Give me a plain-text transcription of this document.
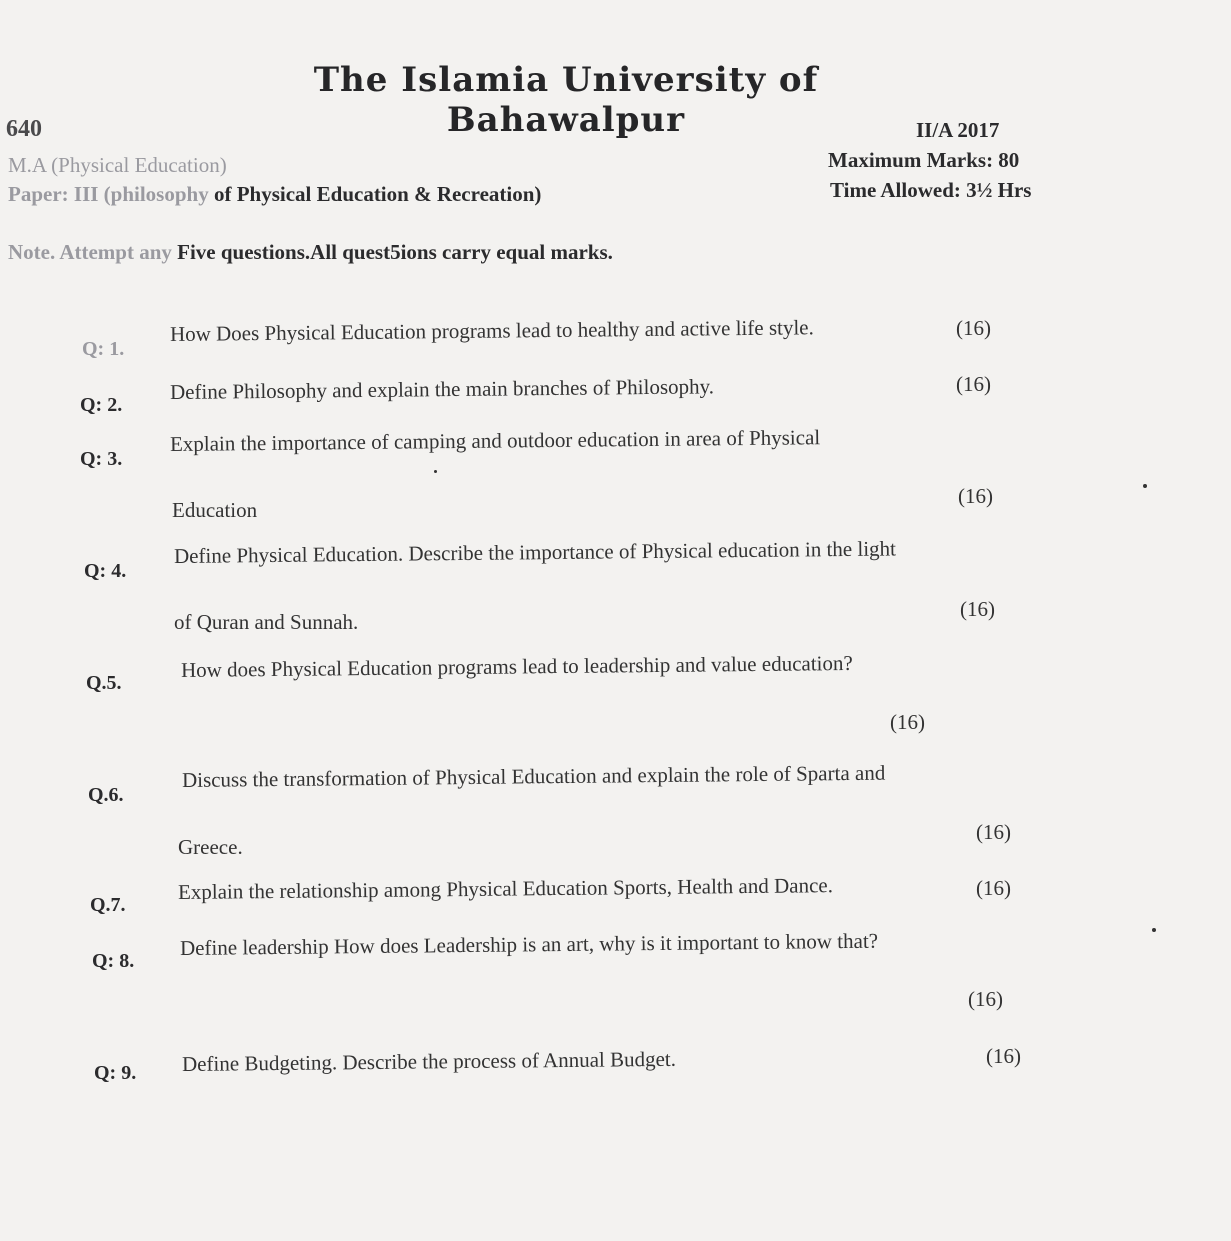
The Islamia University of Bahawalpur
640	II/A 2017
M.A (Physical Education)	Maximum Marks: 80
Paper: III (philosophy of Physical Education & Recreation)	Time Allowed: 3½ Hrs
Note. Attempt any Five questions.All quest5ions carry equal marks.
Q: 1.
How Does Physical Education programs lead to healthy and active life style.	(16)
Q: 2.
Define Philosophy and explain the main branches of Philosophy.	(16)
Q: 3.
Explain the importance of camping and outdoor education in area of Physical
Education
(16)
Q: 4.
Define Physical Education. Describe the importance of Physical education in the light
of Quran and Sunnah.
(16)
Q.5.
How does Physical Education programs lead to leadership and value education?
(16)
Q.6.
Discuss the transformation of Physical Education and explain the role of Sparta and
Greece.
(16)
Q.7.
Explain the relationship among Physical Education Sports, Health and Dance.	(16)
Q: 8.
Define leadership How does Leadership is an art, why is it important to know that?
(16)
Q: 9. Define Budgeting. Describe the process of Annual Budget.	(16)
